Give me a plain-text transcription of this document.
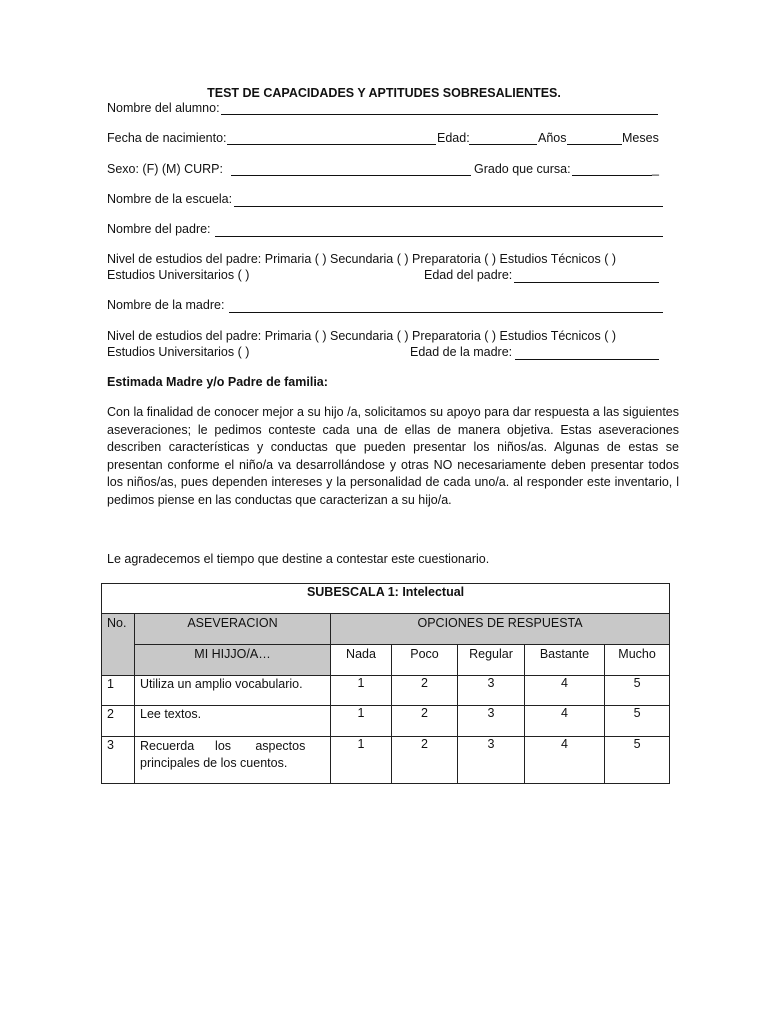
TEST DE CAPACIDADES Y APTITUDES SOBRESALIENTES.
Nombre del alumno:
Fecha de nacimiento:	Edad:	Años	Meses
Sexo: (F) (M) CURP:	Grado que cursa:	_
Nombre de la escuela:
Nombre del padre:
Nivel de estudios del padre: Primaria ( ) Secundaria ( ) Preparatoria ( ) Estudios Técnicos ( )
Estudios Universitarios ( )	Edad del padre:
Nombre de la madre:
Nivel de estudios del padre: Primaria ( ) Secundaria ( ) Preparatoria ( ) Estudios Técnicos ( )
Estudios Universitarios ( )	Edad de la madre:
Estimada Madre y/o Padre de familia:
Con la finalidad de conocer mejor a su hijo /a, solicitamos su apoyo para dar respuesta a las siguientes aseveraciones; le pedimos conteste cada una de ellas de manera objetiva. Estas aseveraciones describen características y conductas que pueden presentar los niños/as. Algunas de estas se presentan conforme el niño/a va desarrollándose y otras NO necesariamente deben presentar todos los niños/as, pues dependen intereses y la personalidad de cada uno/a. al responder este inventario, l pedimos piense en las conductas que caracterizan a su hijo/a.
Le agradecemos el tiempo que destine a contestar este cuestionario.
SUBESCALA 1: Intelectual						
No.	ASEVERACION	OPCIONES DE RESPUESTA				
	MI HIJJO/A…	Nada	Poco	Regular	Bastante	Mucho
1	Utiliza un amplio vocabulario.	1	2	3	4	5
2	Lee textos.	1	2	3	4	5
3	Recuerda      los       aspectos
principales de los cuentos.	1	2	3	4	5
